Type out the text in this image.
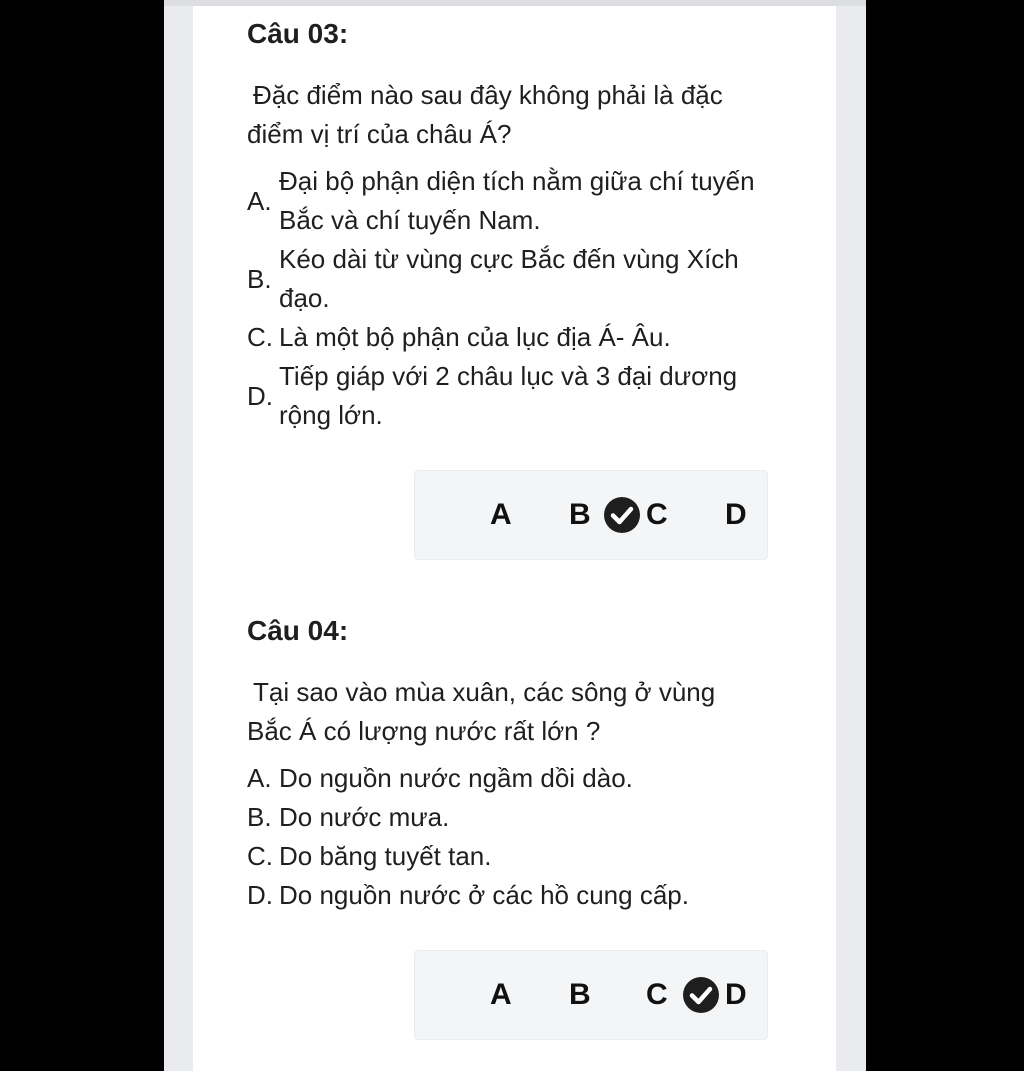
Câu 03:

Đặc điểm nào sau đây không phải là đặc
điểm vị trí của châu Á?
A.
Đại bộ phận diện tích nằm giữa chí tuyến
Bắc và chí tuyến Nam.
B.
Kéo dài từ vùng cực Bắc đến vùng Xích
đạo.
C. Là một bộ phận của lục địa Á- Âu.
D.
Tiếp giáp với 2 châu lục và 3 đại dương
rộng lớn.
A B C D

Câu 04:

Tại sao vào mùa xuân, các sông ở vùng
Bắc Á có lượng nước rất lớn ?
A. Do nguồn nước ngầm dồi dào.
B. Do nước mưa.
C. Do băng tuyết tan.
D. Do nguồn nước ở các hồ cung cấp.
A B C D
